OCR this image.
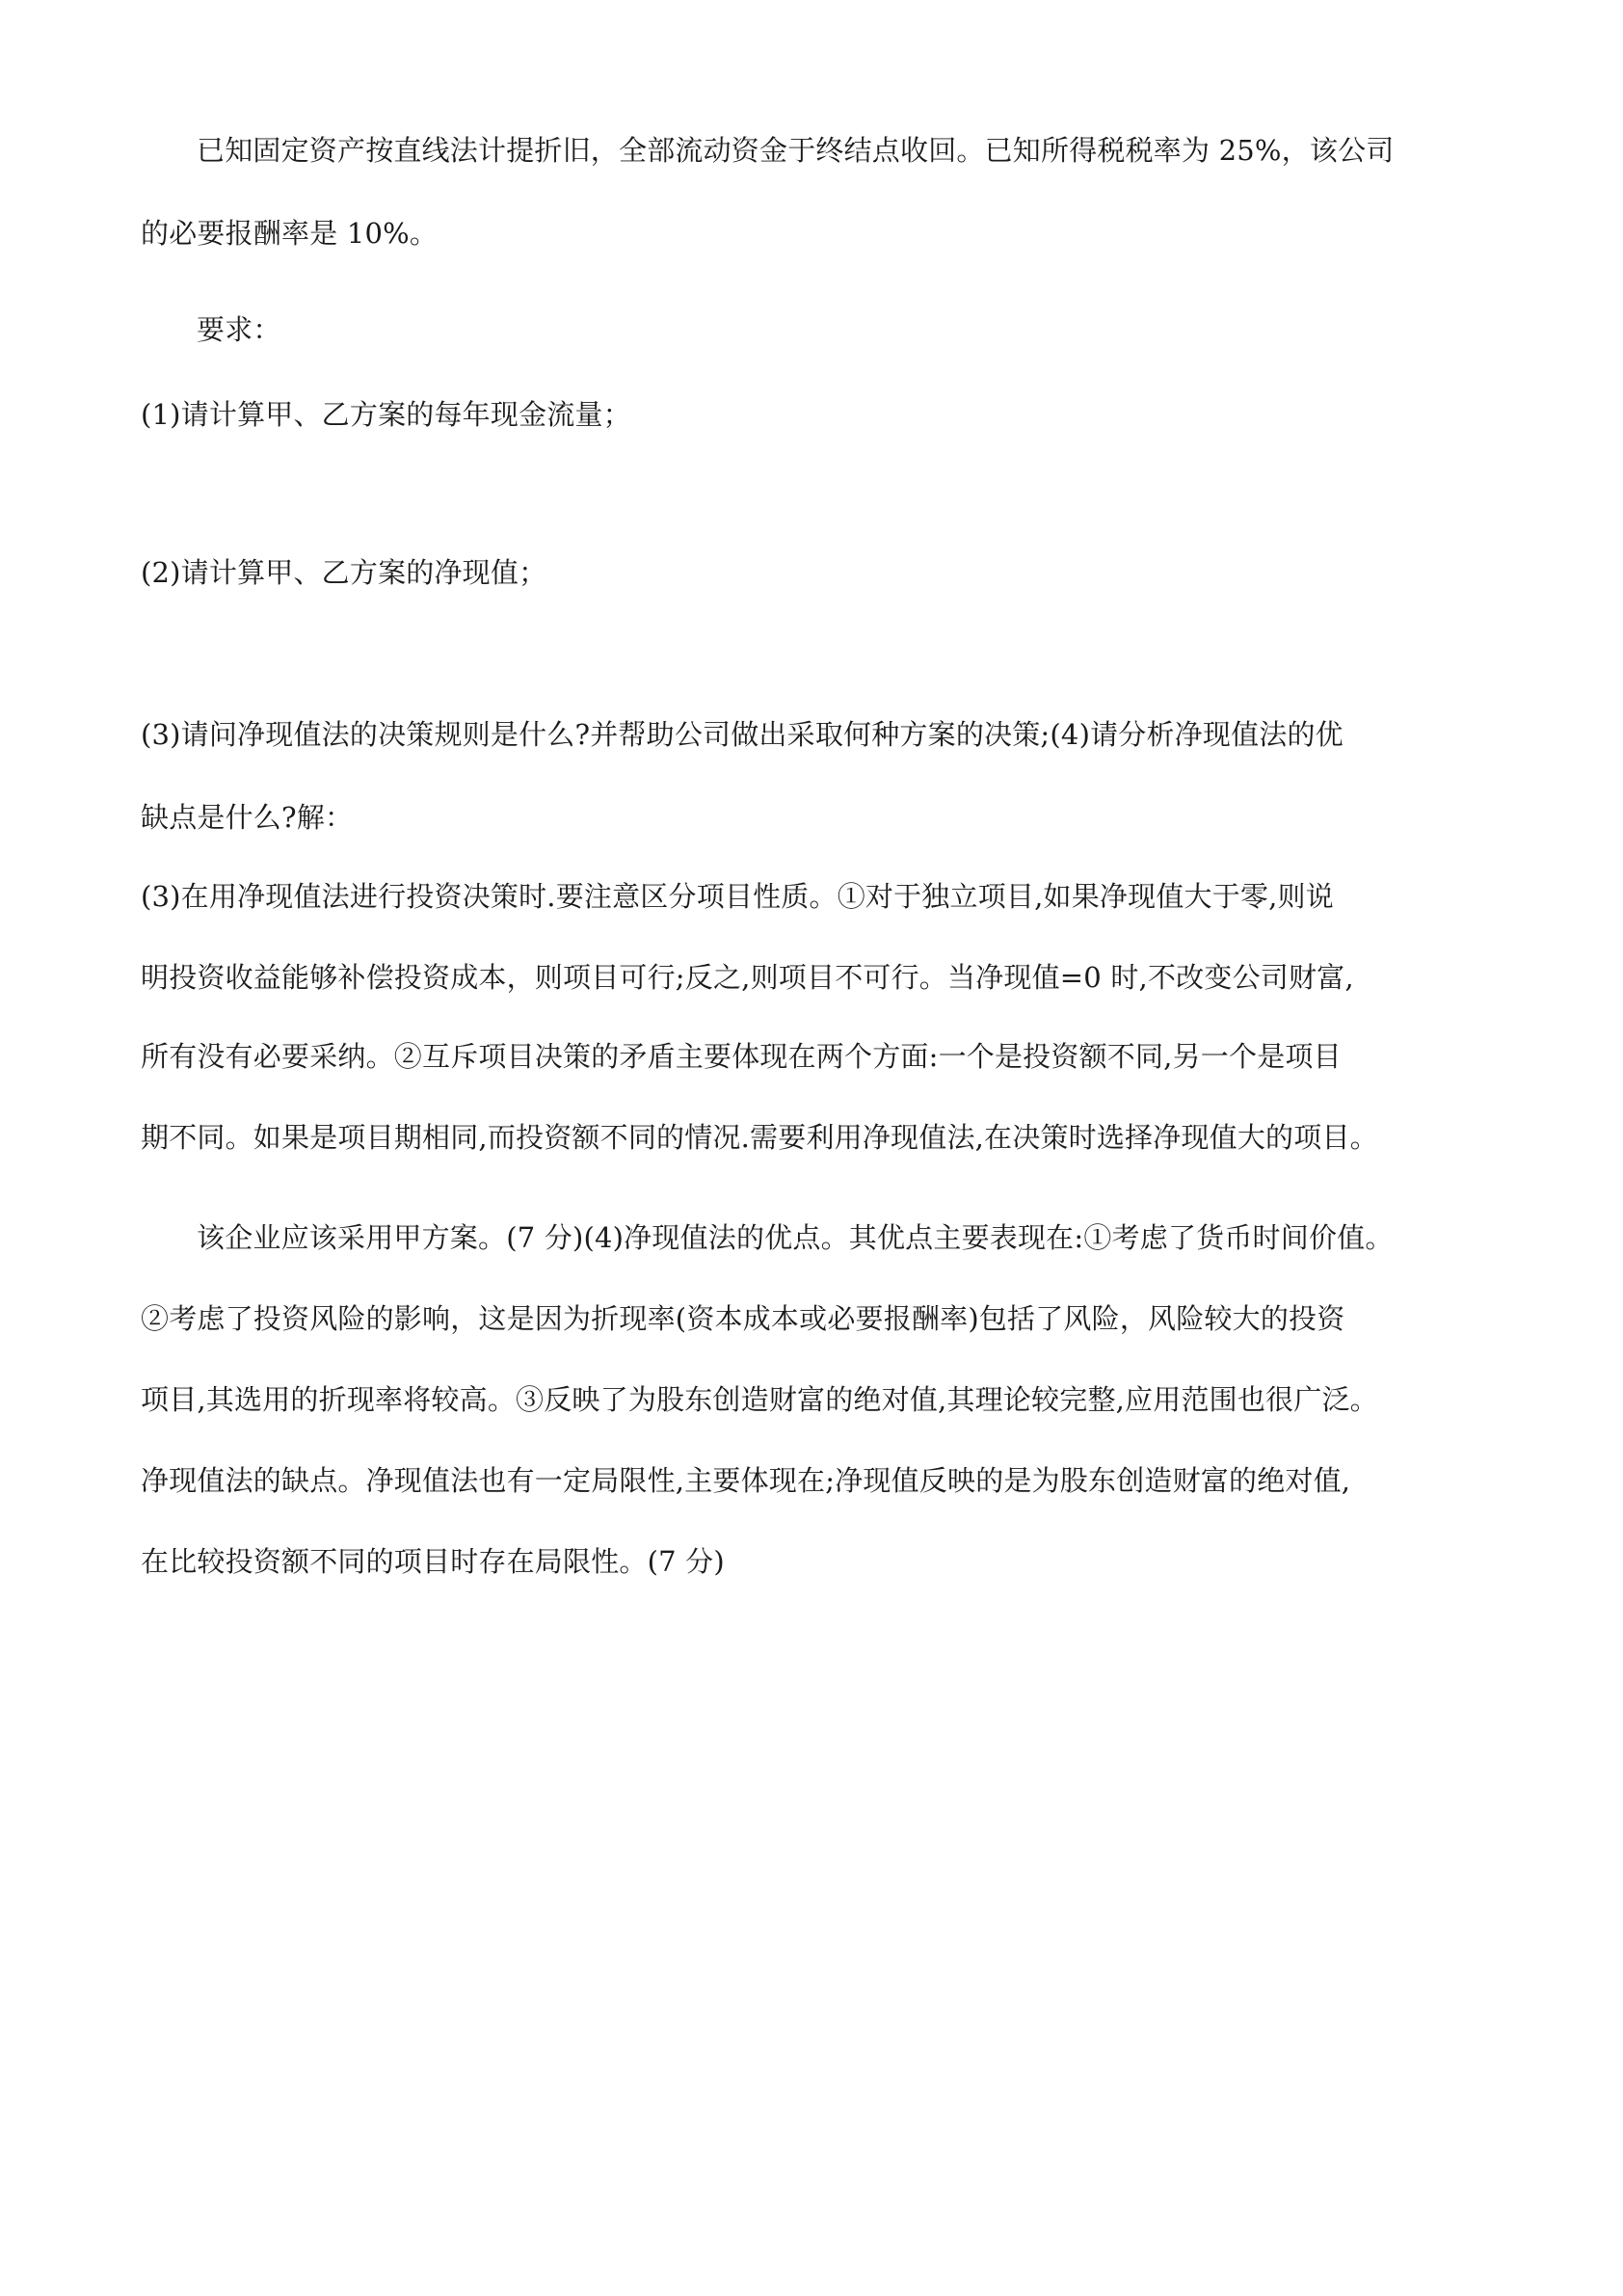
已知固定资产按直线法计提折旧，全部流动资金于终结点收回。已知所得税税率为 25%，该公司
的必要报酬率是 10%。
要求：
(1)请计算甲、乙方案的每年现金流量；
(2)请计算甲、乙方案的净现值；
(3)请问净现值法的决策规则是什么?并帮助公司做出采取何种方案的决策;(4)请分析净现值法的优
缺点是什么?解：
(3)在用净现值法进行投资决策时.要注意区分项目性质。①对于独立项目,如果净现值大于零,则说
明投资收益能够补偿投资成本，则项目可行;反之,则项目不可行。当净现值=0 时,不改变公司财富,
所有没有必要采纳。②互斥项目决策的矛盾主要体现在两个方面:一个是投资额不同,另一个是项目
期不同。如果是项目期相同,而投资额不同的情况.需要利用净现值法,在决策时选择净现值大的项目。
该企业应该采用甲方案。(7 分)(4)净现值法的优点。其优点主要表现在:①考虑了货币时间价值。
②考虑了投资风险的影响，这是因为折现率(资本成本或必要报酬率)包括了风险，风险较大的投资
项目,其选用的折现率将较高。③反映了为股东创造财富的绝对值,其理论较完整,应用范围也很广泛。
净现值法的缺点。净现值法也有一定局限性,主要体现在;净现值反映的是为股东创造财富的绝对值,
在比较投资额不同的项目时存在局限性。(7 分)
